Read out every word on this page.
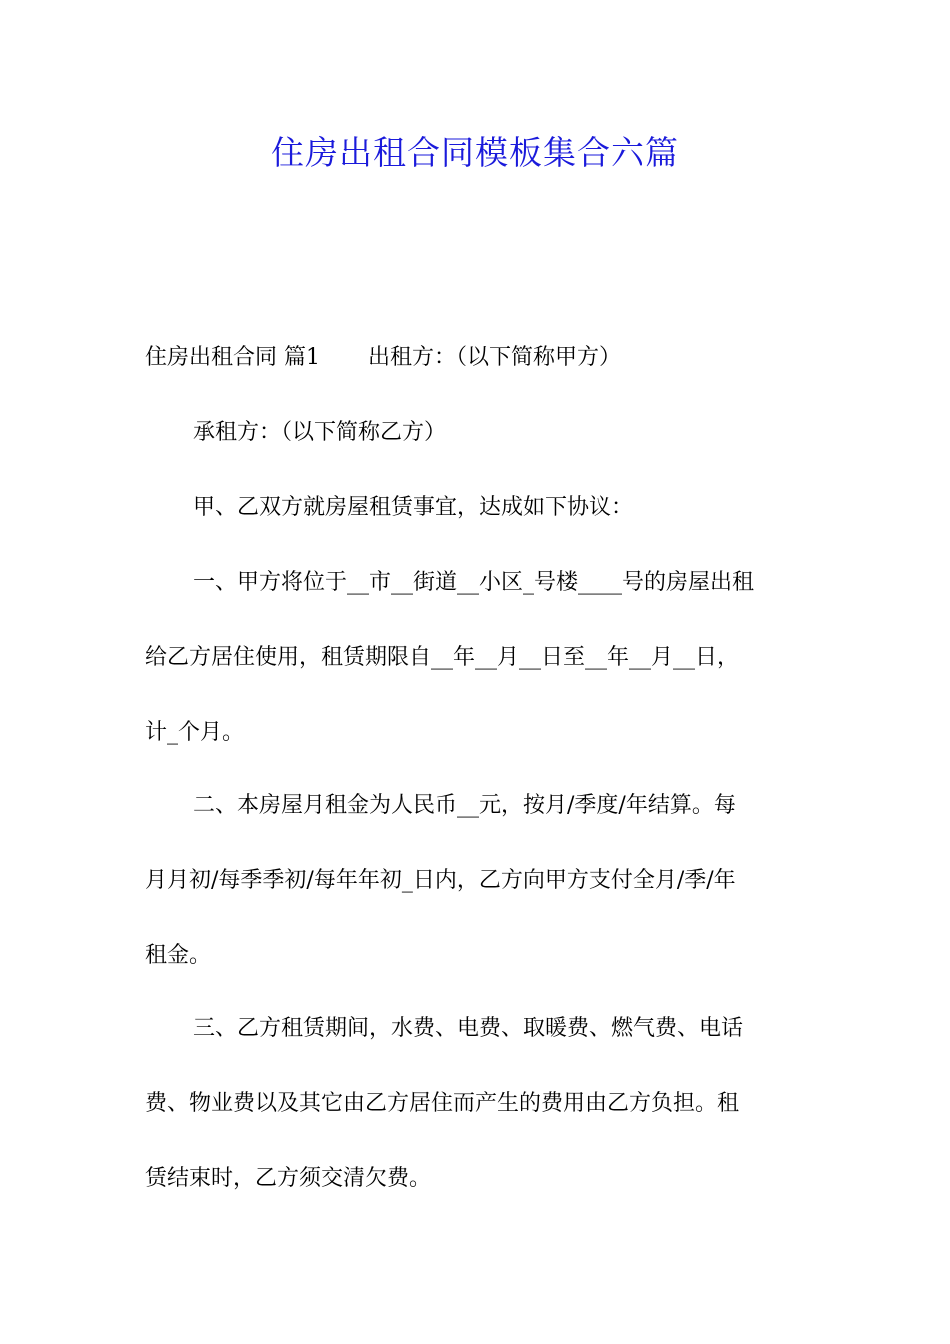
住房出租合同模板集合六篇
住房出租合同 篇1 出租方：（以下简称甲方）
承租方：（以下简称乙方）
甲、乙双方就房屋租赁事宜，达成如下协议：
一、甲方将位于__市__街道__小区_号楼____号的房屋出租
给乙方居住使用，租赁期限自__年__月__日至__年__月__日，
计_个月。
二、本房屋月租金为人民币__元，按月/季度/年结算。每
月月初/每季季初/每年年初_日内，乙方向甲方支付全月/季/年
租金。
三、乙方租赁期间，水费、电费、取暖费、燃气费、电话
费、物业费以及其它由乙方居住而产生的费用由乙方负担。租
赁结束时，乙方须交清欠费。
